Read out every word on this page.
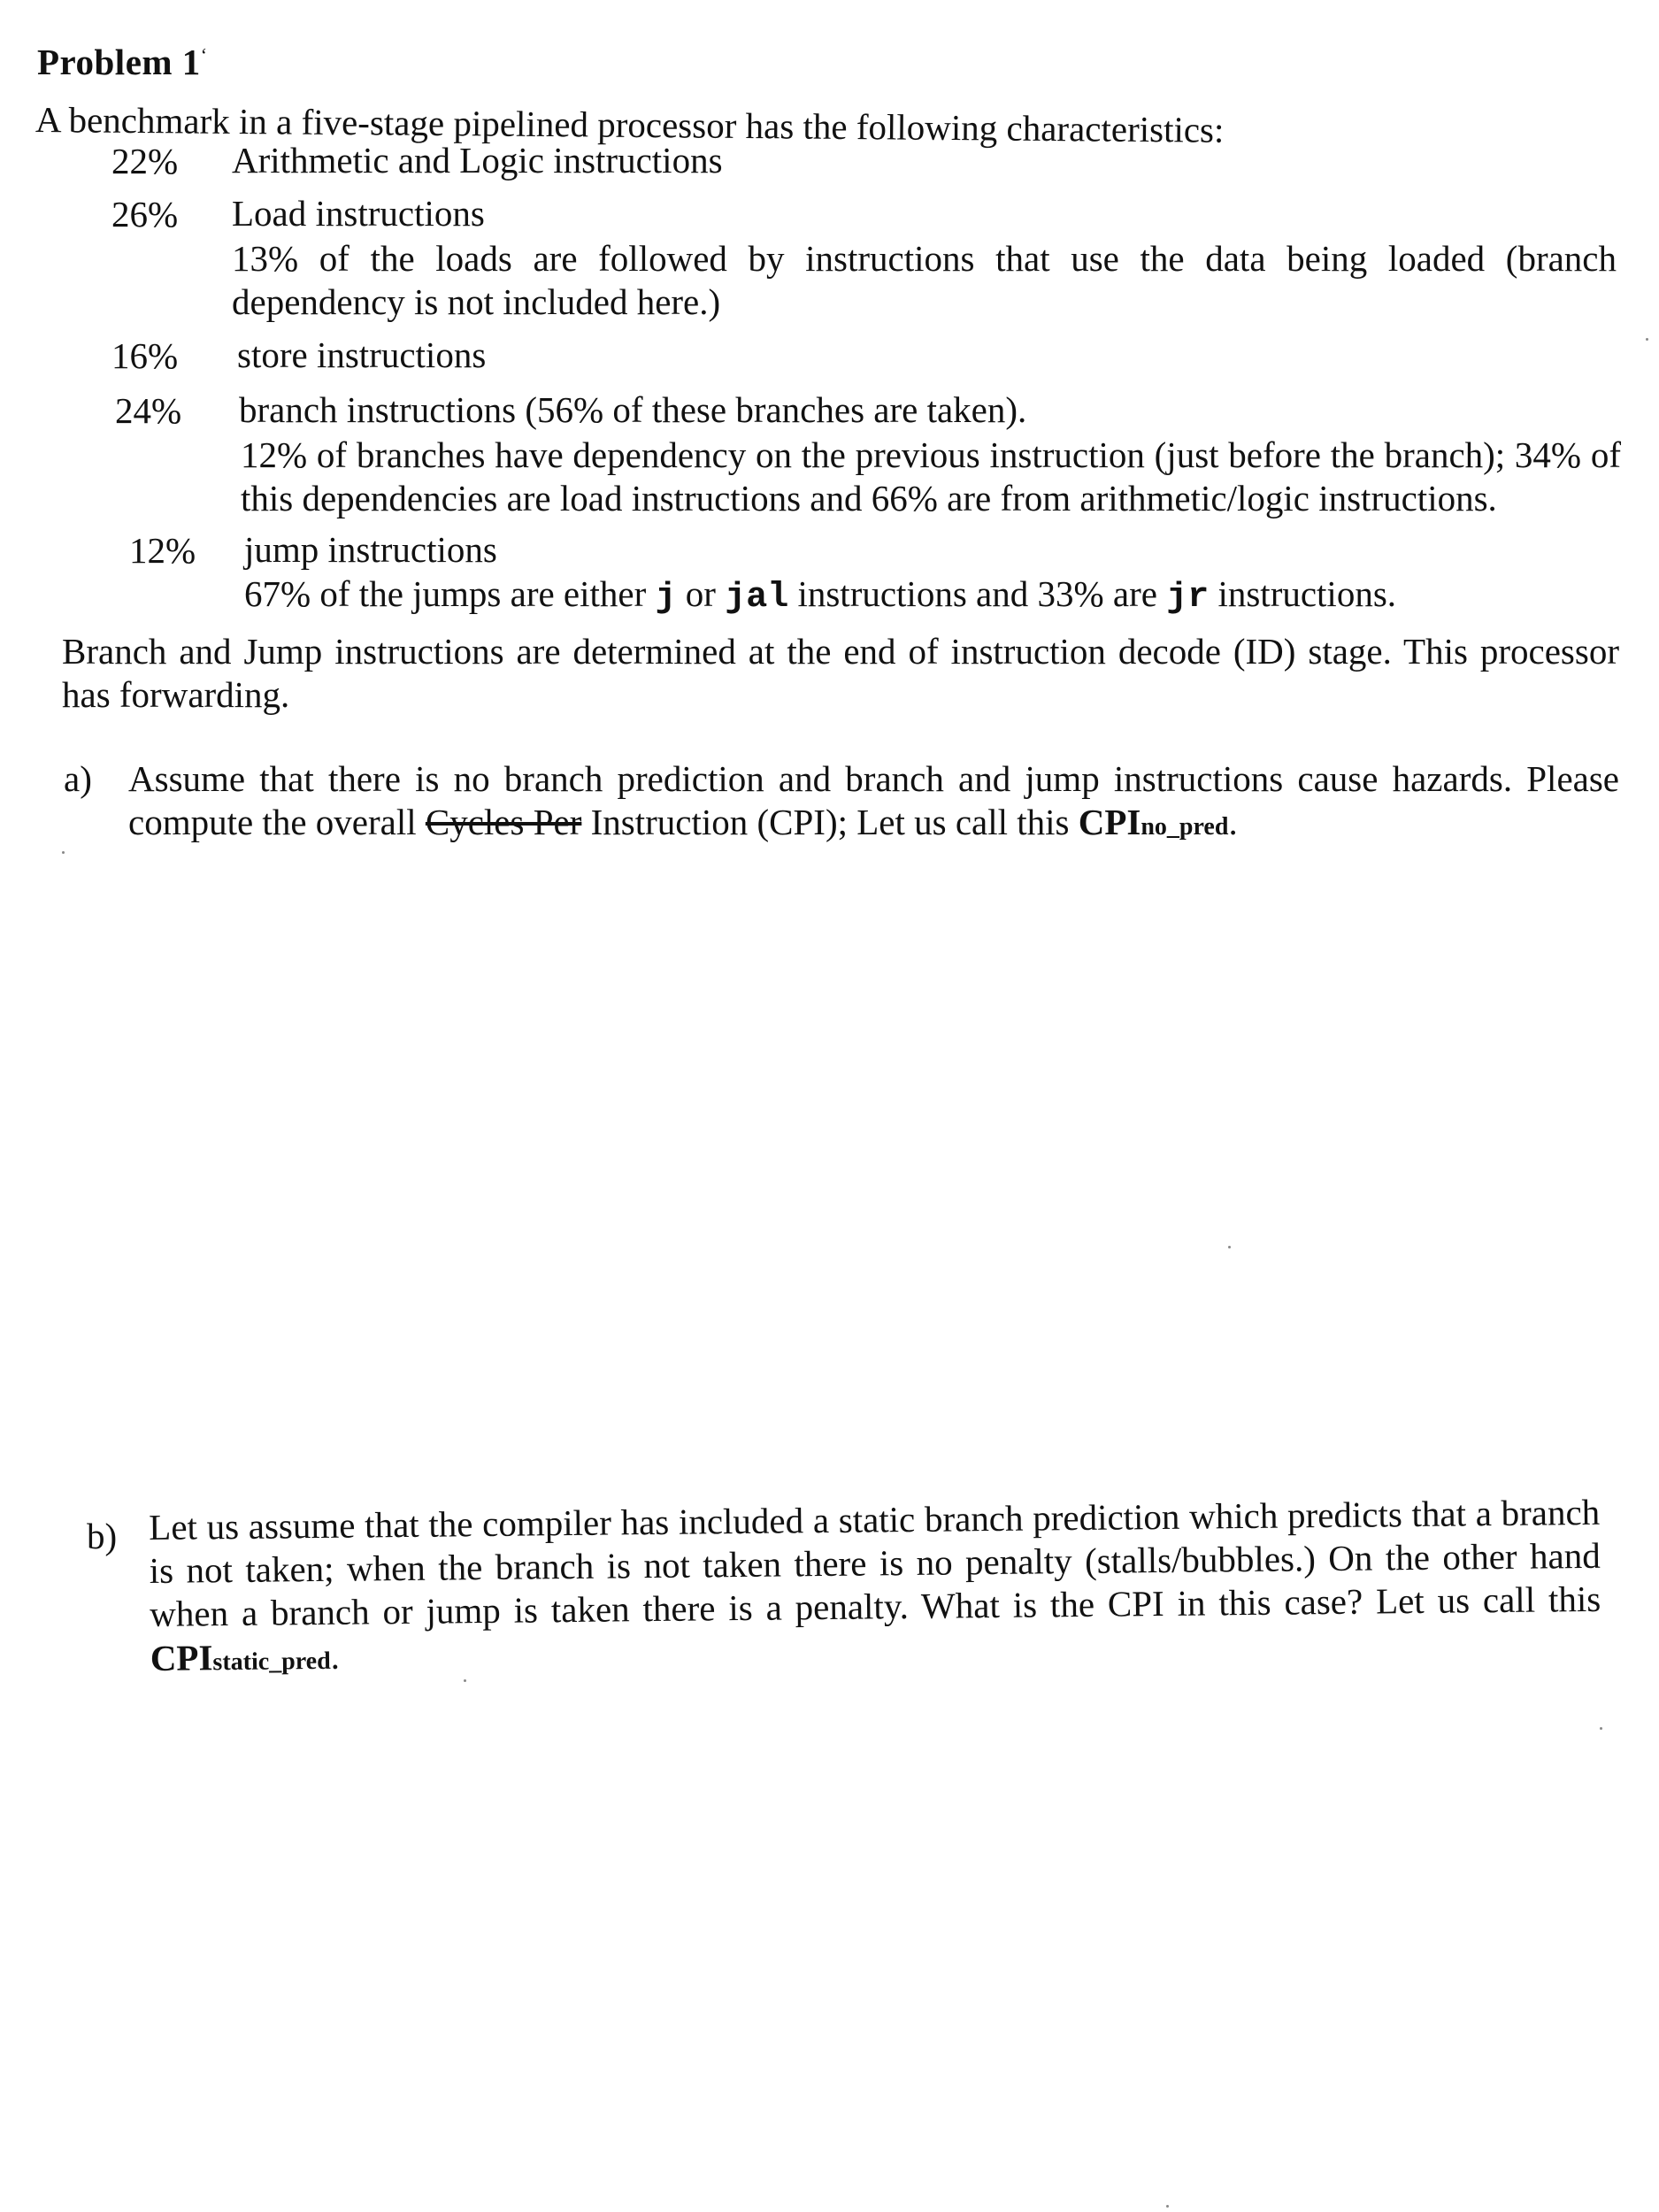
Problem $1^ʻ$
A benchmark in a five-stage pipelined processor has the following characteristics:
22% Arithmetic and Logic instructions
26% Load instructions
13% of the loads are followed by instructions that use the data being loaded (branch dependency is not included here.)
16% store instructions
24% branch instructions (56% of these branches are taken).
12% of branches have dependency on the previous instruction (just before the branch); 34% of this dependencies are load instructions and 66% are from arithmetic/logic instructions.
12% jump instructions
67% of the jumps are either j or jal instructions and 33% are jr instructions.
Branch and Jump instructions are determined at the end of instruction decode (ID) stage. This processor has forwarding.
a) Assume that there is no branch prediction and branch and jump instructions cause hazards. Please compute the overall Cycles Per Instruction (CPI); Let us call this CPIno_pred.
b) Let us assume that the compiler has included a static branch prediction which predicts that a branch is not taken; when the branch is not taken there is no penalty (stalls/bubbles.) On the other hand when a branch or jump is taken there is a penalty. What is the CPI in this case? Let us call this CPIstatic_pred.
